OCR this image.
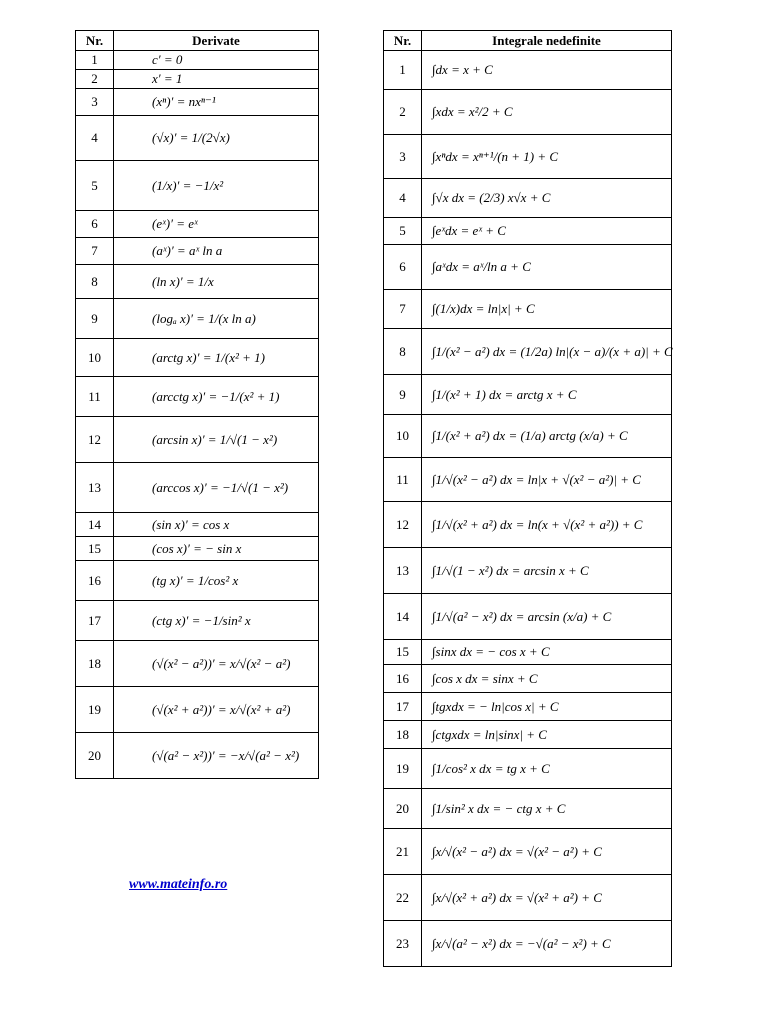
Nr.	Derivate
1	c′ = 0
2	x′ = 1
3	(xⁿ)′ = nxⁿ⁻¹
4	(√x)′ = 1/(2√x)
5	(1/x)′ = −1/x²
6	(eˣ)′ = eˣ
7	(aˣ)′ = aˣ ln a
8	(ln x)′ = 1/x
9	(logₐ x)′ = 1/(x ln a)
10	(arctg x)′ = 1/(x² + 1)
11	(arcctg x)′ = −1/(x² + 1)
12	(arcsin x)′ = 1/√(1 − x²)
13	(arccos x)′ = −1/√(1 − x²)
14	(sin x)′ = cos x
15	(cos x)′ = − sin x
16	(tg x)′ = 1/cos² x
17	(ctg x)′ = −1/sin² x
18	(√(x² − a²))′ = x/√(x² − a²)
19	(√(x² + a²))′ = x/√(x² + a²)
20	(√(a² − x²))′ = −x/√(a² − x²)
Nr.	Integrale nedefinite
1	∫dx = x + C
2	∫xdx = x²/2 + C
3	∫xⁿdx = xⁿ⁺¹/(n + 1) + C
4	∫√x dx = (2/3) x√x + C
5	∫eˣdx = eˣ + C
6	∫aˣdx = aˣ/ln a + C
7	∫(1/x)dx = ln|x| + C
8	∫1/(x² − a²) dx = (1/2a) ln|(x − a)/(x + a)| + C
9	∫1/(x² + 1) dx = arctg x + C
10	∫1/(x² + a²) dx = (1/a) arctg (x/a) + C
11	∫1/√(x² − a²) dx = ln|x + √(x² − a²)| + C
12	∫1/√(x² + a²) dx = ln(x + √(x² + a²)) + C
13	∫1/√(1 − x²) dx = arcsin x + C
14	∫1/√(a² − x²) dx = arcsin (x/a) + C
15	∫sinx dx = − cos x + C
16	∫cos x dx = sinx + C
17	∫tgxdx = − ln|cos x| + C
18	∫ctgxdx = ln|sinx| + C
19	∫1/cos² x dx = tg x + C
20	∫1/sin² x dx = − ctg x + C
21	∫x/√(x² − a²) dx = √(x² − a²) + C
22	∫x/√(x² + a²) dx = √(x² + a²) + C
23	∫x/√(a² − x²) dx = −√(a² − x²) + C
www.mateinfo.ro
